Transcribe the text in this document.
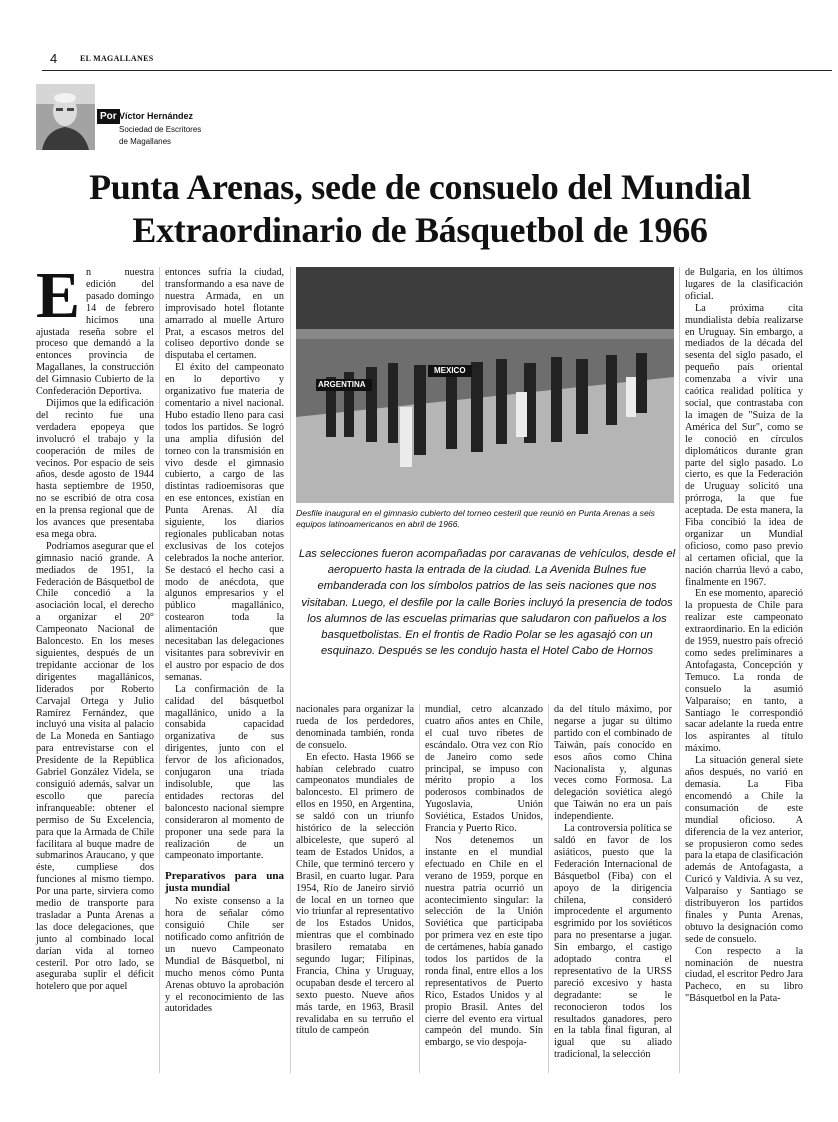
4	EL MAGALLANES
Por Víctor Hernández
Sociedad de Escritores de Magallanes
Punta Arenas, sede de consuelo del Mundial Extraordinario de Básquetbol de 1966
E n nuestra edición del pasado domingo 14 de febrero hicimos una ajustada reseña sobre el proceso que demandó a la entonces provincia de Magallanes, la construcción del Gimnasio Cubierto de la Confederación Deportiva.

Dijimos que la edificación del recinto fue una verdadera epopeya que involucró el trabajo y la cooperación de miles de vecinos. Por espacio de seis años, desde agosto de 1944 hasta septiembre de 1950, no se escribió de otra cosa en la prensa regional que de los avances que presentaba esa mega obra.

Podríamos asegurar que el gimnasio nació grande. A mediados de 1951, la Federación de Básquetbol de Chile concedió a la asociación local, el derecho a organizar el 20° Campeonato Nacional de Baloncesto. En los meses siguientes, después de un trepidante accionar de los dirigentes magallánicos, liderados por Roberto Carvajal Ortega y Julio Ramírez Fernández, que incluyó una visita al palacio de La Moneda en Santiago para entrevistarse con el Presidente de la República Gabriel González Videla, se consiguió además, salvar un escollo que parecía infranqueable: obtener el permiso de Su Excelencia, para que la Armada de Chile facilitara al buque madre de submarinos Araucano, y que éste, cumpliese dos funciones al mismo tiempo. Por una parte, sirviera como medio de transporte para trasladar a Punta Arenas a las doce delegaciones, que junto al combinado local darían vida al torneo cesteril. Por otro lado, se aseguraba suplir el déficit hotelero que por aquel

entonces sufría la ciudad, transformando a esa nave de nuestra Armada, en un improvisado hotel flotante amarrado al muelle Arturo Prat, a escasos metros del coliseo deportivo donde se disputaba el certamen.

El éxito del campeonato en lo deportivo y organizativo fue materia de comentario a nivel nacional. Hubo estadio lleno para casi todos los partidos. Se logró una amplia difusión del torneo con la transmisión en vivo desde el gimnasio cubierto, a cargo de las distintas radioemisoras que en ese entonces, existían en Punta Arenas. Al día siguiente, los diarios regionales publicaban notas exclusivas de los cotejos celebrados la noche anterior. Se destacó el hecho casi a modo de anécdota, que algunos empresarios y el público magallánico, costearon toda la alimentación que necesitaban las delegaciones visitantes para sobrevivir en el austro por espacio de dos semanas.

La confirmación de la calidad del básquetbol magallánico, unido a la consabida capacidad organizativa de sus dirigentes, junto con el fervor de los aficionados, conjugaron una tríada indisoluble, que las entidades rectoras del baloncesto nacional siempre consideraron al momento de proponer una sede para la realización de un campeonato importante.

Preparativos para una justa mundial

No existe consenso a la hora de señalar cómo consiguió Chile ser notificado como anfitrión de un nuevo Campeonato Mundial de Básquetbol, ni mucho menos cómo Punta Arenas obtuvo la aprobación y el reconocimiento de las autoridades

ARGENTINA
MEXICO
Desfile inaugural en el gimnasio cubierto del torneo cesteril que reunió en Punta Arenas a seis equipos latinoamericanos en abril de 1966.
Las selecciones fueron acompañadas por caravanas de vehículos, desde el aeropuerto hasta la entrada de la ciudad. La Avenida Bulnes fue embanderada con los símbolos patrios de las seis naciones que nos visitaban. Luego, el desfile por la calle Bories incluyó la presencia de todos los alumnos de las escuelas primarias que saludaron con pañuelos a los basquetbolistas. En el frontis de Radio Polar se les agasajó con un esquinazo. Después se les condujo hasta el Hotel Cabo de Hornos

nacionales para organizar la rueda de los perdedores, denominada también, ronda de consuelo.

En efecto. Hasta 1966 se habían celebrado cuatro campeonatos mundiales de baloncesto. El primero de ellos en 1950, en Argentina, se saldó con un triunfo histórico de la selección albiceleste, que superó al team de Estados Unidos, a Chile, que terminó tercero y Brasil, en cuarto lugar. Para 1954, Río de Janeiro sirvió de local en un torneo que vio triunfar al representativo de los Estados Unidos, mientras que el combinado brasilero remataba en segundo lugar; Filipinas, Francia, China y Uruguay, ocupaban desde el tercero al sexto puesto. Nueve años más tarde, en 1963, Brasil revalidaba en su terruño el título de campeón

mundial, cetro alcanzado cuatro años antes en Chile, el cual tuvo ribetes de escándalo. Otra vez con Río de Janeiro como sede principal, se impuso con mérito propio a los poderosos combinados de Yugoslavia, Unión Soviética, Estados Unidos, Francia y Puerto Rico.

Nos detenemos un instante en el mundial efectuado en Chile en el verano de 1959, porque en nuestra patria ocurrió un acontecimiento singular: la selección de la Unión Soviética que participaba por primera vez en este tipo de certámenes, había ganado todos los partidos de la ronda final, entre ellos a los representativos de Puerto Rico, Estados Unidos y al propio Brasil. Antes del cierre del evento era virtual campeón del mundo. Sin embargo, se vio despoja-

da del título máximo, por negarse a jugar su último partido con el combinado de Taiwán, país conocido en esos años como China Nacionalista y, algunas veces como Formosa. La delegación soviética alegó que Taiwán no era un país independiente.

La controversia política se saldó en favor de los asiáticos, puesto que la Federación Internacional de Básquetbol (Fiba) con el apoyo de la dirigencia chilena, consideró improcedente el argumento esgrimido por los soviéticos para no presentarse a jugar. Sin embargo, el castigo adoptado contra el representativo de la URSS pareció excesivo y hasta degradante: se le reconocieron todos los resultados ganadores, pero en la tabla final figuran, al igual que su aliado tradicional, la selección

de Bulgaria, en los últimos lugares de la clasificación oficial.

La próxima cita mundialista debía realizarse en Uruguay. Sin embargo, a mediados de la década del sesenta del siglo pasado, el pequeño país oriental comenzaba a vivir una caótica realidad política y social, que contrastaba con la imagen de "Suiza de la América del Sur", como se le conoció en círculos diplomáticos durante gran parte del siglo pasado. Lo cierto, es que la Federación de Uruguay solicitó una prórroga, la que fue aceptada. De esta manera, la Fiba concibió la idea de organizar un Mundial oficioso, como paso previo al certamen oficial, que la nación charrúa llevó a cabo, finalmente en 1967.

En ese momento, apareció la propuesta de Chile para realizar este campeonato extraordinario. En la edición de 1959, nuestro país ofreció como sedes preliminares a Antofagasta, Concepción y Temuco. La ronda de consuelo la asumió Valparaíso; en tanto, a Santiago le correspondió sacar adelante la rueda entre los aspirantes al título máximo.

La situación general siete años después, no varió en demasía. La Fiba encomendó a Chile la consumación de este mundial oficioso. A diferencia de la vez anterior, se propusieron como sedes para la etapa de clasificación además de Antofagasta, a Curicó y Valdivia. A su vez, Valparaíso y Santiago se distribuyeron los partidos finales y Punta Arenas, obtuvo la designación como sede de consuelo.

Con respecto a la nominación de nuestra ciudad, el escritor Pedro Jara Pacheco, en su libro "Básquetbol en la Pata-
